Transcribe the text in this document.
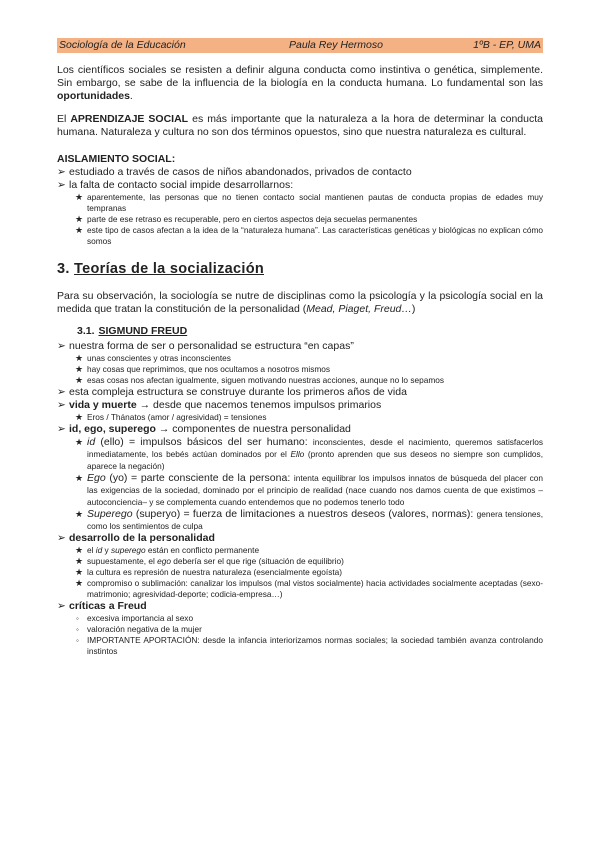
Sociología de la Educación	Paula Rey Hermoso	1ºB - EP, UMA

Los científicos sociales se resisten a definir alguna conducta como instintiva o genética, simplemente. Sin embargo, se sabe de la influencia de la biología en la conducta humana. Lo fundamental son las oportunidades.

El APRENDIZAJE SOCIAL es más importante que la naturaleza a la hora de determinar la conducta humana. Naturaleza y cultura no son dos términos opuestos, sino que nuestra naturaleza es cultural.

AISLAMIENTO SOCIAL:
➢ estudiado a través de casos de niños abandonados, privados de contacto
➢ la falta de contacto social impide desarrollarnos:
★ aparentemente, las personas que no tienen contacto social mantienen pautas de conducta propias de edades muy tempranas
★ parte de ese retraso es recuperable, pero en ciertos aspectos deja secuelas permanentes
★ este tipo de casos afectan a la idea de la “naturaleza humana”. Las características genéticas y biológicas no explican cómo somos
3. Teorías de la socialización

Para su observación, la sociología se nutre de disciplinas como la psicología y la psicología social en la medida que tratan la constitución de la personalidad (Mead, Piaget, Freud…)

3.1. SIGMUND FREUD
➢ nuestra forma de ser o personalidad se estructura “en capas”
★ unas conscientes y otras inconscientes
★ hay cosas que reprimimos, que nos ocultamos a nosotros mismos
★ esas cosas nos afectan igualmente, siguen motivando nuestras acciones, aunque no lo sepamos
➢ esta compleja estructura se construye durante los primeros años de vida
➢ vida y muerte → desde que nacemos tenemos impulsos primarios
★ Eros / Thánatos (amor / agresividad) = tensiones
➢ id, ego, superego → componentes de nuestra personalidad
★ id (ello) = impulsos básicos del ser humano: inconscientes, desde el nacimiento, queremos satisfacerlos inmediatamente, los bebés actúan dominados por el Ello (pronto aprenden que sus deseos no siempre son cumplidos, aparece la negación)
★ Ego (yo) = parte consciente de la persona: intenta equilibrar los impulsos innatos de búsqueda del placer con las exigencias de la sociedad, dominado por el principio de realidad (nace cuando nos damos cuenta de que existimos –autoconciencia– y se complementa cuando entendemos que no podemos tenerlo todo
★ Superego (superyo) = fuerza de limitaciones a nuestros deseos (valores, normas): genera tensiones, como los sentimientos de culpa
➢ desarrollo de la personalidad
★ el id y superego están en conflicto permanente
★ supuestamente, el ego debería ser el que rige (situación de equilibrio)
★ la cultura es represión de nuestra naturaleza (esencialmente egoísta)
★ compromiso o sublimación: canalizar los impulsos (mal vistos socialmente) hacia actividades socialmente aceptadas (sexo-matrimonio; agresividad-deporte; codicia-empresa…)
➢ críticas a Freud
◦ excesiva importancia al sexo
◦ valoración negativa de la mujer
◦ IMPORTANTE APORTACIÓN: desde la infancia interiorizamos normas sociales; la sociedad también avanza controlando instintos
